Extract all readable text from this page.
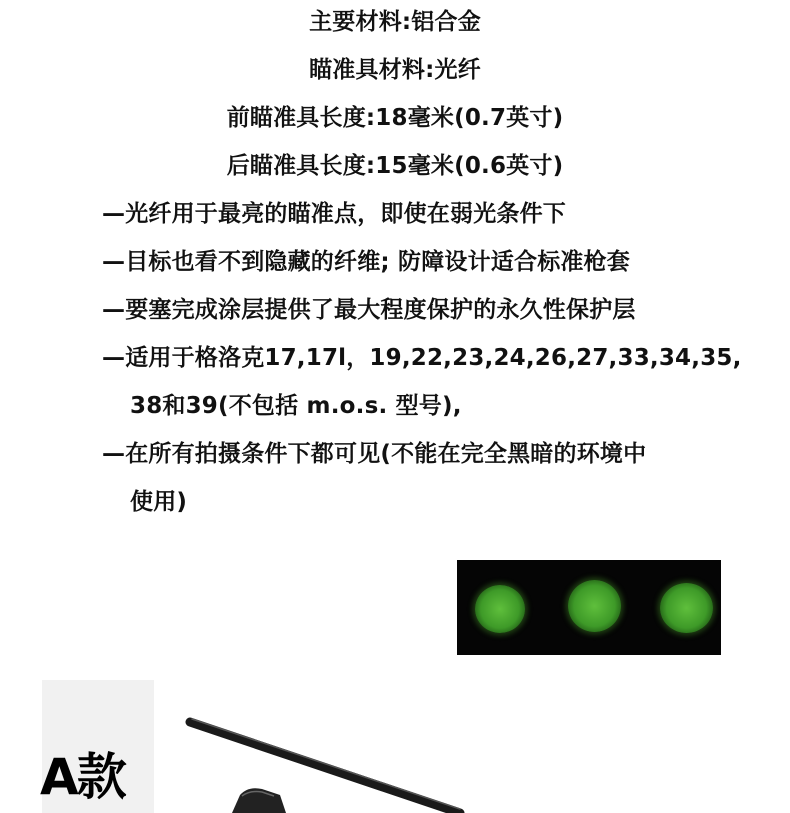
主要材料:铝合金
瞄准具材料:光纤
前瞄准具长度:18毫米(0.7英寸)
后瞄准具长度:15毫米(0.6英寸)
—光纤用于最亮的瞄准点，即使在弱光条件下
—目标也看不到隐藏的纤维; 防障设计适合标准枪套
—要塞完成涂层提供了最大程度保护的永久性保护层
—适用于格洛克17,17l，19,22,23,24,26,27,33,34,35,
38和39(不包括 m.o.s. 型号),
—在所有拍摄条件下都可见(不能在完全黑暗的环境中
使用)
A款
